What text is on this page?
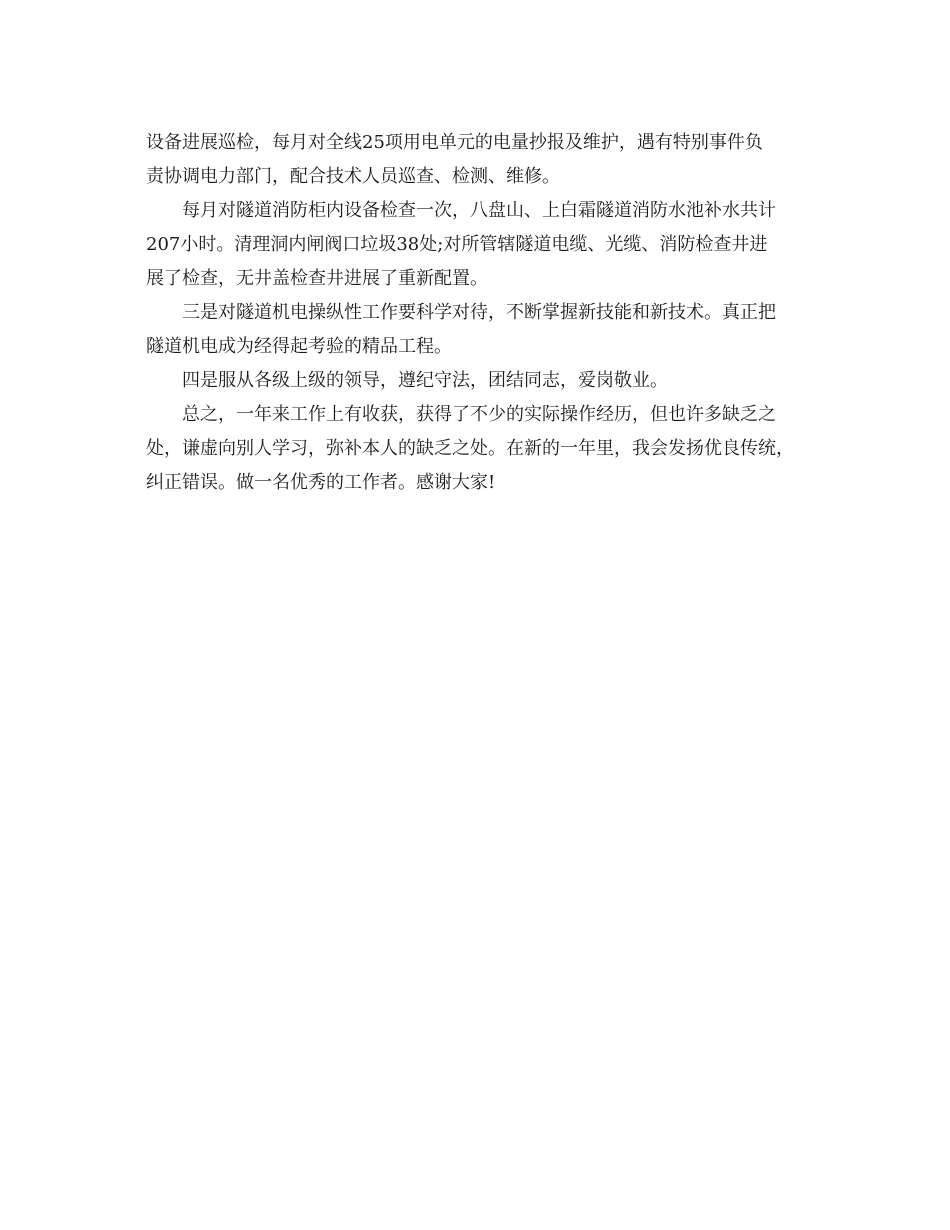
设备进展巡检，每月对全线25项用电单元的电量抄报及维护，遇有特别事件负
责协调电力部门，配合技术人员巡查、检测、维修。
每月对隧道消防柜内设备检查一次，八盘山、上白霜隧道消防水池补水共计
207小时。清理洞内闸阀口垃圾38处;对所管辖隧道电缆、光缆、消防检查井进
展了检查，无井盖检查井进展了重新配置。
三是对隧道机电操纵性工作要科学对待，不断掌握新技能和新技术。真正把
隧道机电成为经得起考验的精品工程。
四是服从各级上级的领导，遵纪守法，团结同志，爱岗敬业。
总之，一年来工作上有收获，获得了不少的实际操作经历，但也许多缺乏之
处，谦虚向别人学习，弥补本人的缺乏之处。在新的一年里，我会发扬优良传统，
纠正错误。做一名优秀的工作者。感谢大家!
